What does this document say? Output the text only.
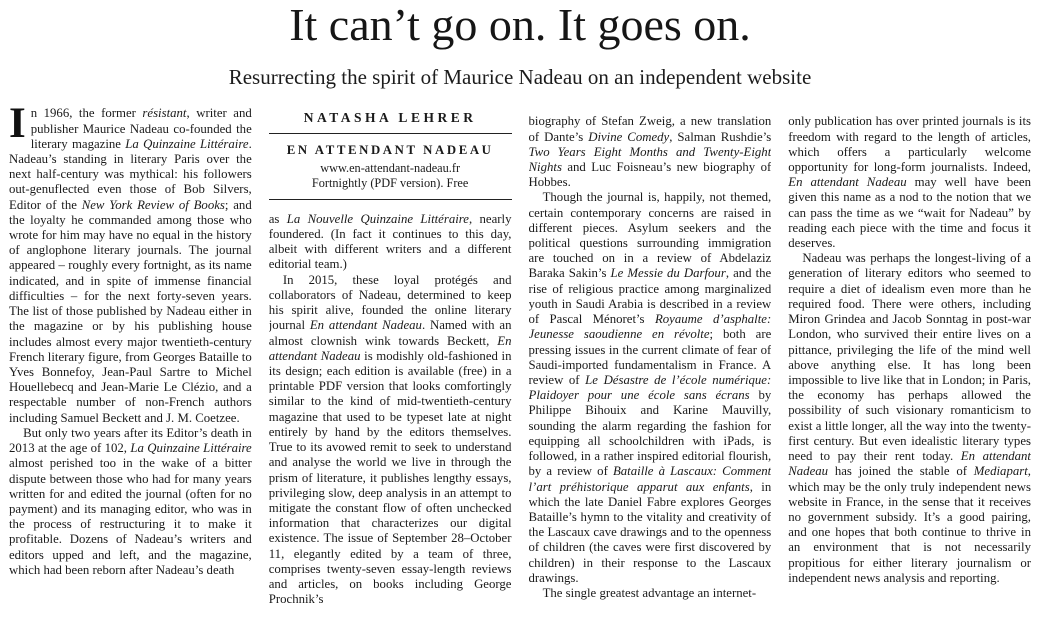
It can’t go on. It goes on.
Resurrecting the spirit of Maurice Nadeau on an independent website

In 1966, the former résistant, writer and publisher Maurice Nadeau co-founded the literary magazine La Quinzaine Littéraire. Nadeau’s standing in literary Paris over the next half-century was mythical: his followers out-genuflected even those of Bob Silvers, Editor of the New York Review of Books; and the loyalty he commanded among those who wrote for him may have no equal in the history of anglophone literary journals. The journal appeared – roughly every fortnight, as its name indicated, and in spite of immense financial difficulties – for the next forty-seven years. The list of those published by Nadeau either in the magazine or by his publishing house includes almost every major twentieth-century French literary figure, from Georges Bataille to Yves Bonnefoy, Jean-Paul Sartre to Michel Houellebecq and Jean-Marie Le Clézio, and a respectable number of non-French authors including Samuel Beckett and J. M. Coetzee.

But only two years after its Editor’s death in 2013 at the age of 102, La Quinzaine Littéraire almost perished too in the wake of a bitter dispute between those who had for many years written for and edited the journal (often for no payment) and its managing editor, who was in the process of restructuring it to make it profitable. Dozens of Nadeau’s writers and editors upped and left, and the magazine, which had been reborn after Nadeau’s death

NATASHA LEHRER

EN ATTENDANT NADEAU

www.en-attendant-nadeau.fr

Fortnightly (PDF version). Free

as La Nouvelle Quinzaine Littéraire, nearly foundered. (In fact it continues to this day, albeit with different writers and a different editorial team.)

In 2015, these loyal protégés and collaborators of Nadeau, determined to keep his spirit alive, founded the online literary journal En attendant Nadeau. Named with an almost clownish wink towards Beckett, En attendant Nadeau is modishly old-fashioned in its design; each edition is available (free) in a printable PDF version that looks comfortingly similar to the kind of mid-twentieth-century magazine that used to be typeset late at night entirely by hand by the editors themselves. True to its avowed remit to seek to understand and analyse the world we live in through the prism of literature, it publishes lengthy essays, privileging slow, deep analysis in an attempt to mitigate the constant flow of often unchecked information that characterizes our digital existence. The issue of September 28–October 11, elegantly edited by a team of three, comprises twenty-seven essay-length reviews and articles, on books including George Prochnik’s

biography of Stefan Zweig, a new translation of Dante’s Divine Comedy, Salman Rushdie’s Two Years Eight Months and Twenty-Eight Nights and Luc Foisneau’s new biography of Hobbes.

Though the journal is, happily, not themed, certain contemporary concerns are raised in different pieces. Asylum seekers and the political questions surrounding immigration are touched on in a review of Abdelaziz Baraka Sakin’s Le Messie du Darfour, and the rise of religious practice among marginalized youth in Saudi Arabia is described in a review of Pascal Ménoret’s Royaume d’asphalte: Jeunesse saoudienne en révolte; both are pressing issues in the current climate of fear of Saudi-imported fundamentalism in France. A review of Le Désastre de l’école numérique: Plaidoyer pour une école sans écrans by Philippe Bihouix and Karine Mauvilly, sounding the alarm regarding the fashion for equipping all schoolchildren with iPads, is followed, in a rather inspired editorial flourish, by a review of Bataille à Lascaux: Comment l’art préhistorique apparut aux enfants, in which the late Daniel Fabre explores Georges Bataille’s hymn to the vitality and creativity of the Lascaux cave drawings and to the openness of children (the caves were first discovered by children) in their response to the Lascaux drawings.

The single greatest advantage an internet-

only publication has over printed journals is its freedom with regard to the length of articles, which offers a particularly welcome opportunity for long-form journalists. Indeed, En attendant Nadeau may well have been given this name as a nod to the notion that we can pass the time as we “wait for Nadeau” by reading each piece with the time and focus it deserves.

Nadeau was perhaps the longest-living of a generation of literary editors who seemed to require a diet of idealism even more than he required food. There were others, including Miron Grindea and Jacob Sonntag in post-war London, who survived their entire lives on a pittance, privileging the life of the mind well above anything else. It has long been impossible to live like that in London; in Paris, the economy has perhaps allowed the possibility of such visionary romanticism to exist a little longer, all the way into the twenty-first century. But even idealistic literary types need to pay their rent today. En attendant Nadeau has joined the stable of Mediapart, which may be the only truly independent news website in France, in the sense that it receives no government subsidy. It’s a good pairing, and one hopes that both continue to thrive in an environment that is not necessarily propitious for either literary journalism or independent news analysis and reporting.
